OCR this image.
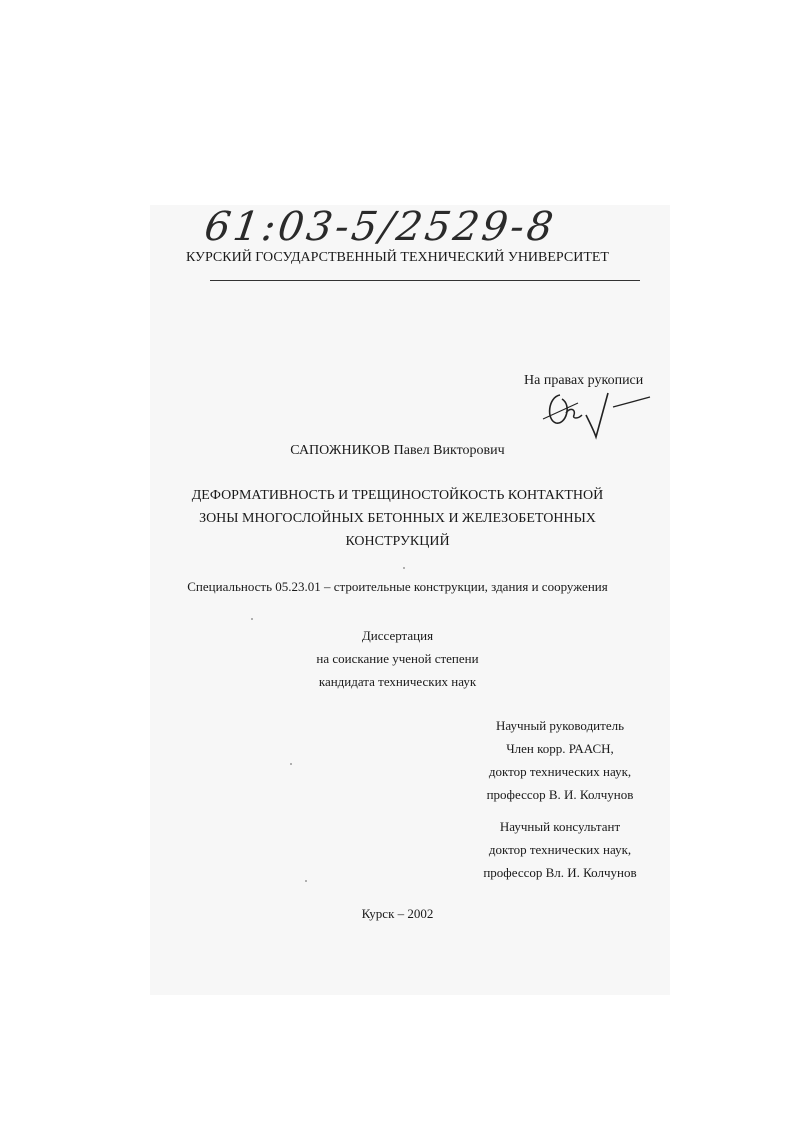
61:03-5/2529-8
КУРСКИЙ ГОСУДАРСТВЕННЫЙ ТЕХНИЧЕСКИЙ УНИВЕРСИТЕТ
На правах рукописи
САПОЖНИКОВ Павел Викторович
ДЕФОРМАТИВНОСТЬ И ТРЕЩИНОСТОЙКОСТЬ КОНТАКТНОЙ
ЗОНЫ МНОГОСЛОЙНЫХ БЕТОННЫХ И ЖЕЛЕЗОБЕТОННЫХ
КОНСТРУКЦИЙ
Специальность 05.23.01 – строительные конструкции, здания и сооружения
Диссертация
на соискание ученой степени
кандидата технических наук
Научный руководитель
Член корр. РААСН,
доктор технических наук,
профессор В. И. Колчунов
Научный консультант
доктор технических наук,
профессор Вл. И. Колчунов
Курск – 2002
